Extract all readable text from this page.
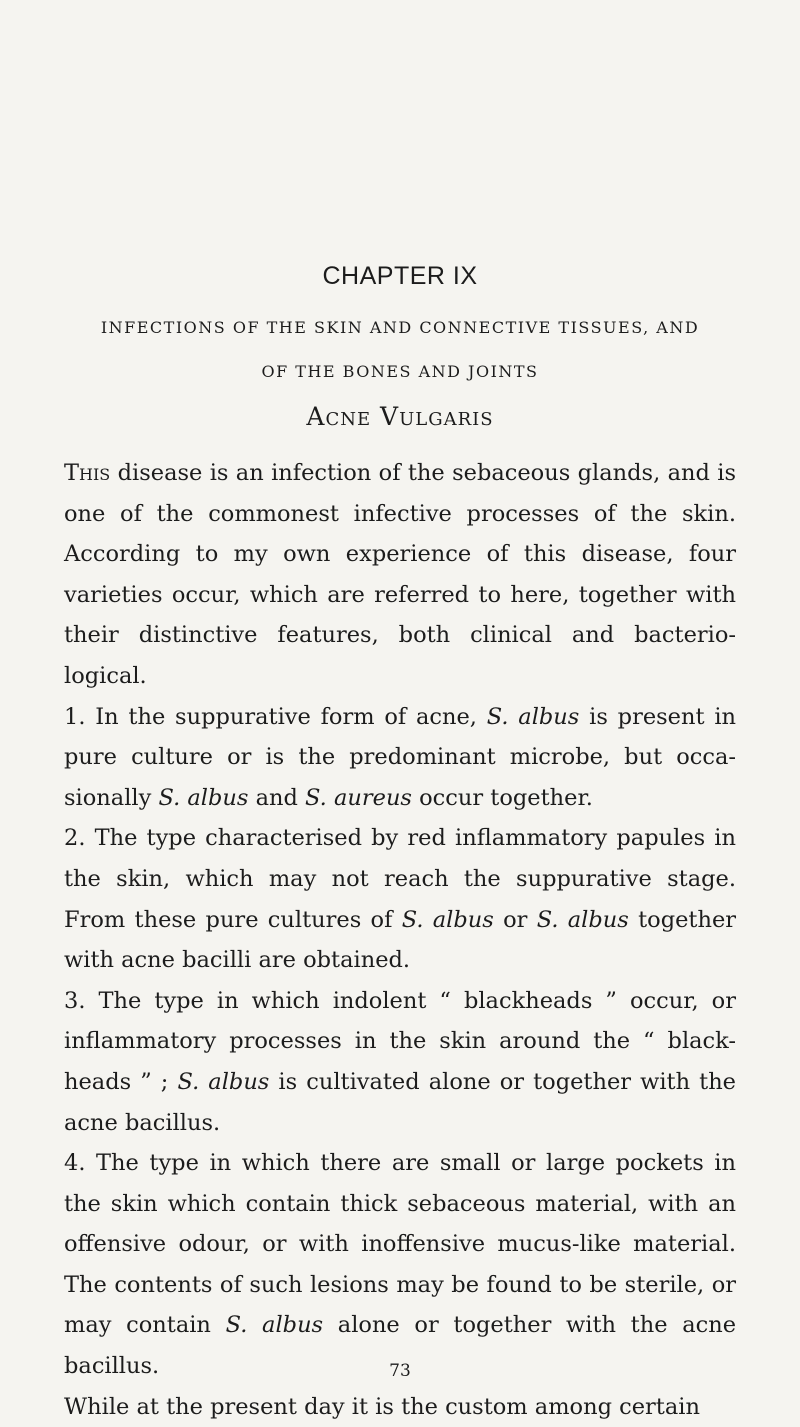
CHAPTER IX
INFECTIONS OF THE SKIN AND CONNECTIVE TISSUES, AND
OF THE BONES AND JOINTS
Acne Vulgaris

This disease is an infection of the sebaceous glands, and is one of the commonest infective processes of the skin. According to my own experience of this disease, four varieties occur, which are referred to here, together with their distinctive features, both clinical and bacterio-logical.

1. In the suppurative form of acne, S. albus is present in pure culture or is the predominant microbe, but occa-sionally S. albus and S. aureus occur together.

2. The type characterised by red inflammatory papules in the skin, which may not reach the suppurative stage. From these pure cultures of S. albus or S. albus together with acne bacilli are obtained.

3. The type in which indolent “ blackheads ” occur, or inflammatory processes in the skin around the “ black-heads ” ; S. albus is cultivated alone or together with the acne bacillus.

4. The type in which there are small or large pockets in the skin which contain thick sebaceous material, with an offensive odour, or with inoffensive mucus-like material. The contents of such lesions may be found to be sterile, or may contain S. albus alone or together with the acne bacillus.

While at the present day it is the custom among certain

73
